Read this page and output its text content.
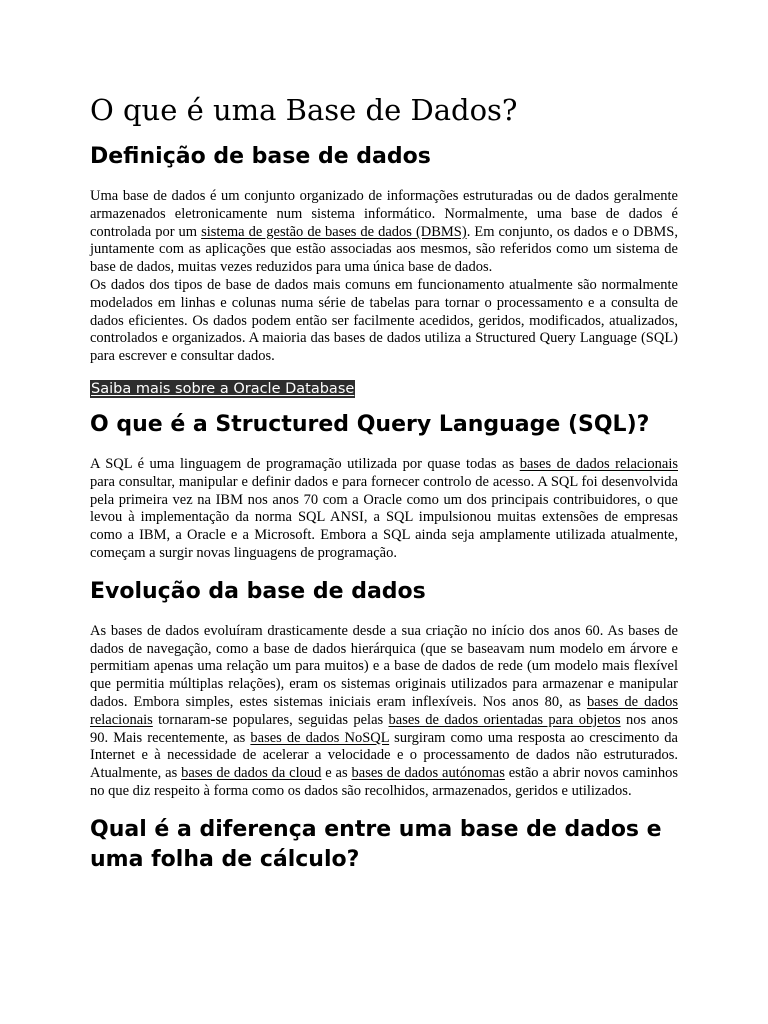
O que é uma Base de Dados?
Definição de base de dados

Uma base de dados é um conjunto organizado de informações estruturadas ou de dados geralmente armazenados eletronicamente num sistema informático. Normalmente, uma base de dados é controlada por um sistema de gestão de bases de dados (DBMS). Em conjunto, os dados e o DBMS, juntamente com as aplicações que estão associadas aos mesmos, são referidos como um sistema de base de dados, muitas vezes reduzidos para uma única base de dados.

Os dados dos tipos de base de dados mais comuns em funcionamento atualmente são normalmente modelados em linhas e colunas numa série de tabelas para tornar o processamento e a consulta de dados eficientes. Os dados podem então ser facilmente acedidos, geridos, modificados, atualizados, controlados e organizados. A maioria das bases de dados utiliza a Structured Query Language (SQL) para escrever e consultar dados.

Saiba mais sobre a Oracle Database
O que é a Structured Query Language (SQL)?

A SQL é uma linguagem de programação utilizada por quase todas as bases de dados relacionais para consultar, manipular e definir dados e para fornecer controlo de acesso. A SQL foi desenvolvida pela primeira vez na IBM nos anos 70 com a Oracle como um dos principais contribuidores, o que levou à implementação da norma SQL ANSI, a SQL impulsionou muitas extensões de empresas como a IBM, a Oracle e a Microsoft. Embora a SQL ainda seja amplamente utilizada atualmente, começam a surgir novas linguagens de programação.

Evolução da base de dados

As bases de dados evoluíram drasticamente desde a sua criação no início dos anos 60. As bases de dados de navegação, como a base de dados hierárquica (que se baseavam num modelo em árvore e permitiam apenas uma relação um para muitos) e a base de dados de rede (um modelo mais flexível que permitia múltiplas relações), eram os sistemas originais utilizados para armazenar e manipular dados. Embora simples, estes sistemas iniciais eram inflexíveis. Nos anos 80, as bases de dados relacionais tornaram-se populares, seguidas pelas bases de dados orientadas para objetos nos anos 90. Mais recentemente, as bases de dados NoSQL surgiram como uma resposta ao crescimento da Internet e à necessidade de acelerar a velocidade e o processamento de dados não estruturados. Atualmente, as bases de dados da cloud e as bases de dados autónomas estão a abrir novos caminhos no que diz respeito à forma como os dados são recolhidos, armazenados, geridos e utilizados.

Qual é a diferença entre uma base de dados e uma folha de cálculo?
